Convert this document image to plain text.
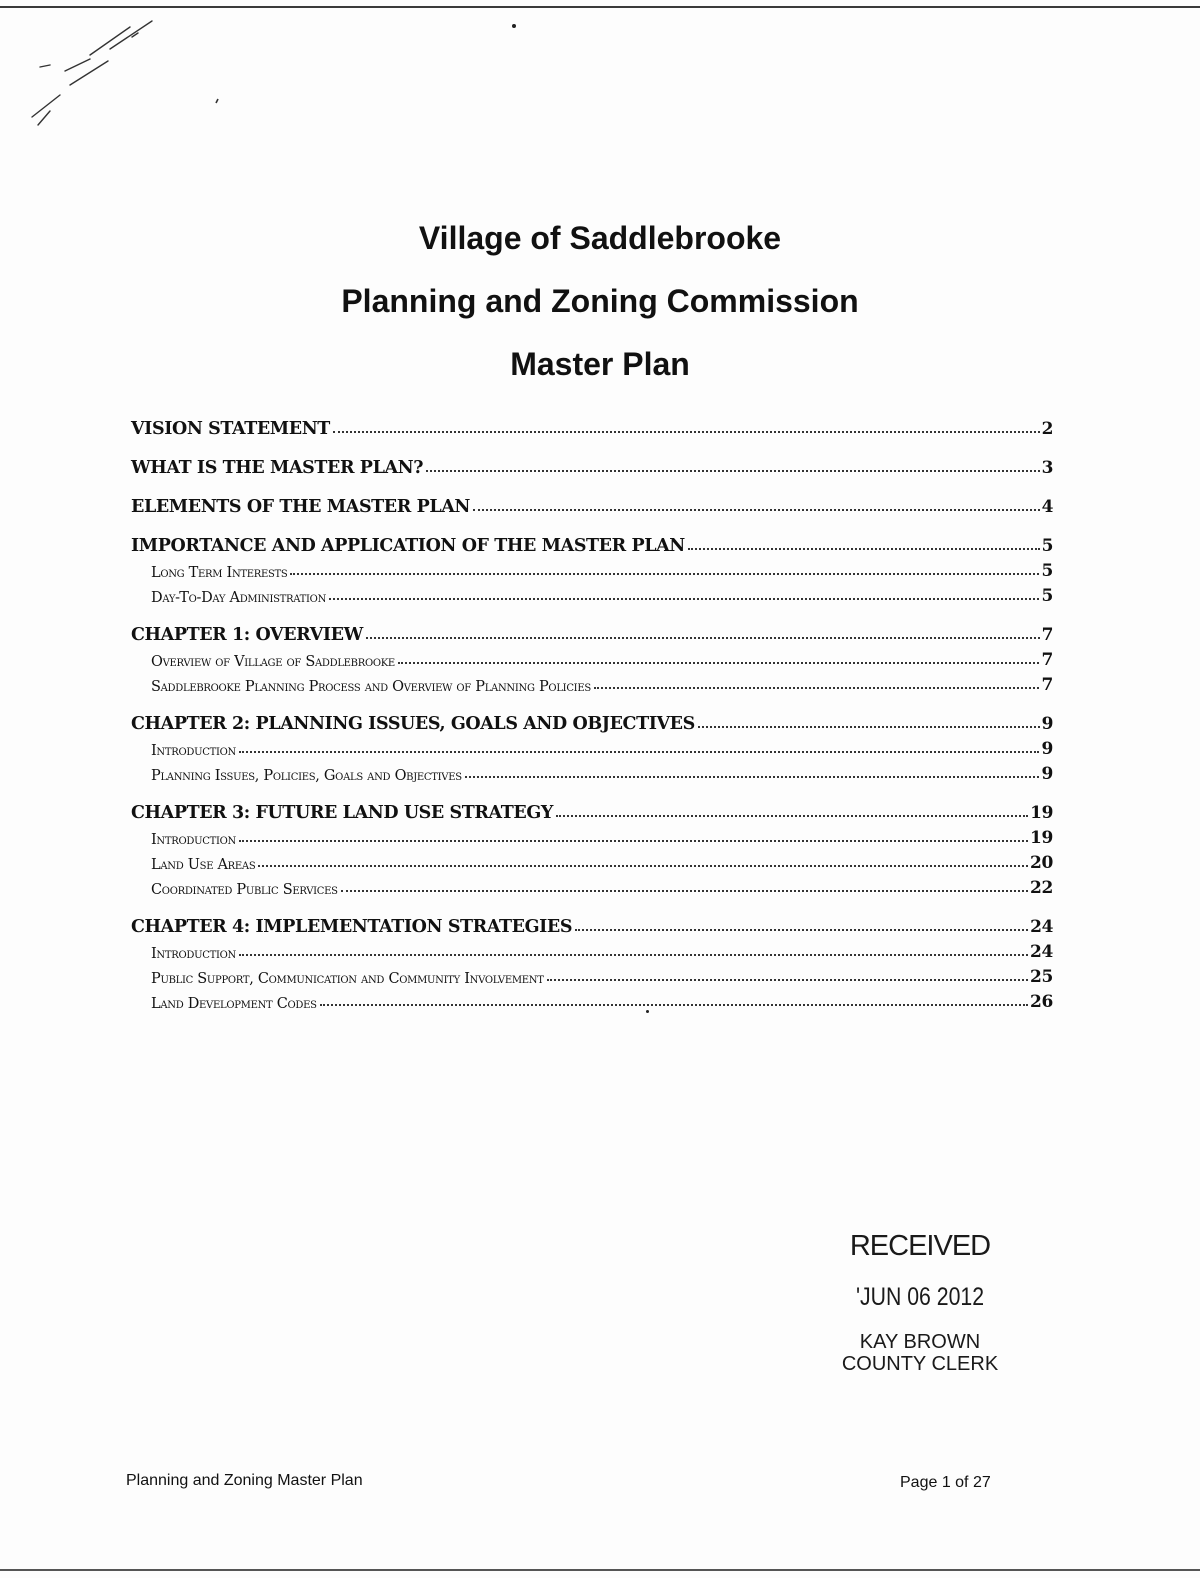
Village of Saddlebrooke
Planning and Zoning Commission
Master Plan
VISION STATEMENT	2
WHAT IS THE MASTER PLAN?	3
ELEMENTS OF THE MASTER PLAN	4
IMPORTANCE AND APPLICATION OF THE MASTER PLAN	5
Long Term Interests	5
Day-To-Day Administration	5
CHAPTER 1: OVERVIEW	7
Overview of Village of Saddlebrooke	7
Saddlebrooke Planning Process and Overview of Planning Policies	7
CHAPTER 2: PLANNING ISSUES, GOALS AND OBJECTIVES	9
Introduction	9
Planning Issues, Policies, Goals and Objectives	9
CHAPTER 3: FUTURE LAND USE STRATEGY	19
Introduction	19
Land Use Areas	20
Coordinated Public Services	22
CHAPTER 4: IMPLEMENTATION STRATEGIES	24
Introduction	24
Public Support, Communication and Community Involvement	25
Land Development Codes	26
RECEIVED
'JUN 06 2012
KAY BROWN
COUNTY CLERK
Planning and Zoning Master Plan	Page 1 of 27
